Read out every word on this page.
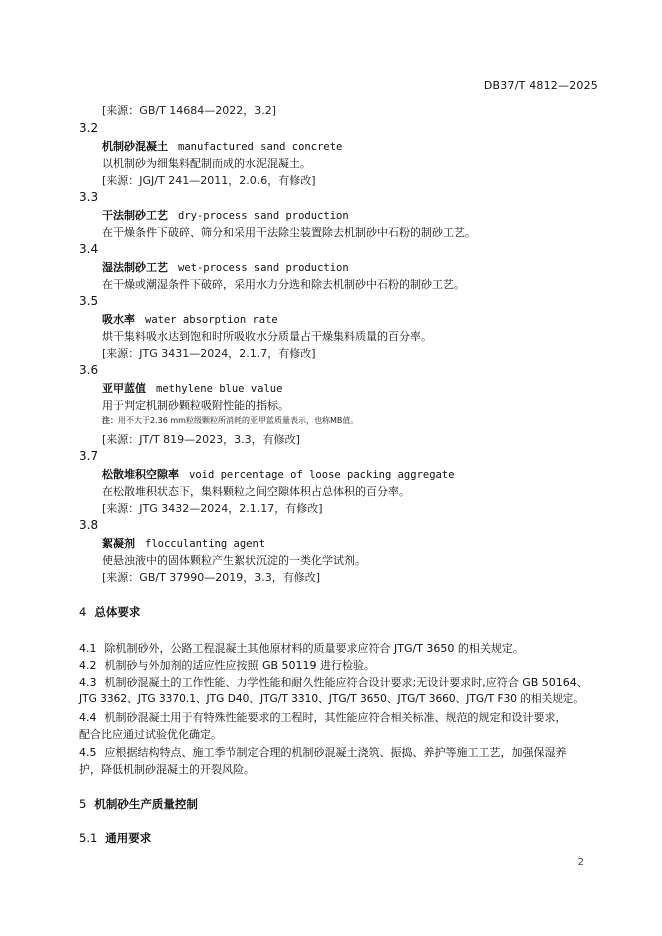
DB37/T 4812—2025
[来源：GB/T 14684—2022，3.2]
3.2
机制砂混凝土 manufactured sand concrete
以机制砂为细集料配制而成的水泥混凝土。
[来源：JGJ/T 241—2011，2.0.6，有修改]
3.3
干法制砂工艺 dry-process sand production
在干燥条件下破碎、筛分和采用干法除尘装置除去机制砂中石粉的制砂工艺。
3.4
湿法制砂工艺 wet-process sand production
在干燥或潮湿条件下破碎，采用水力分选和除去机制砂中石粉的制砂工艺。
3.5
吸水率 water absorption rate
烘干集料吸水达到饱和时所吸收水分质量占干燥集料质量的百分率。
[来源：JTG 3431—2024，2.1.7，有修改]
3.6
亚甲蓝值 methylene blue value
用于判定机制砂颗粒吸附性能的指标。
注：用不大于2.36 mm粒级颗粒所消耗的亚甲蓝质量表示，也称MB值。
[来源：JT/T 819—2023，3.3，有修改]
3.7
松散堆积空隙率 void percentage of loose packing aggregate
在松散堆积状态下，集料颗粒之间空隙体积占总体积的百分率。
[来源：JTG 3432—2024，2.1.17，有修改]
3.8
絮凝剂 flocculanting agent
使悬浊液中的固体颗粒产生絮状沉淀的一类化学试剂。
[来源：GB/T 37990—2019，3.3，有修改]
4 总体要求
4.1 除机制砂外，公路工程混凝土其他原材料的质量要求应符合 JTG/T 3650 的相关规定。
4.2 机制砂与外加剂的适应性应按照 GB 50119 进行检验。
4.3 机制砂混凝土的工作性能、力学性能和耐久性能应符合设计要求;无设计要求时,应符合 GB 50164、
JTG 3362、JTG 3370.1、JTG D40、JTG/T 3310、JTG/T 3650、JTG/T 3660、JTG/T F30 的相关规定。
4.4 机制砂混凝土用于有特殊性能要求的工程时，其性能应符合相关标准、规范的规定和设计要求，
配合比应通过试验优化确定。
4.5 应根据结构特点、施工季节制定合理的机制砂混凝土浇筑、振捣、养护等施工工艺，加强保湿养
护，降低机制砂混凝土的开裂风险。
5 机制砂生产质量控制
5.1 通用要求
2
